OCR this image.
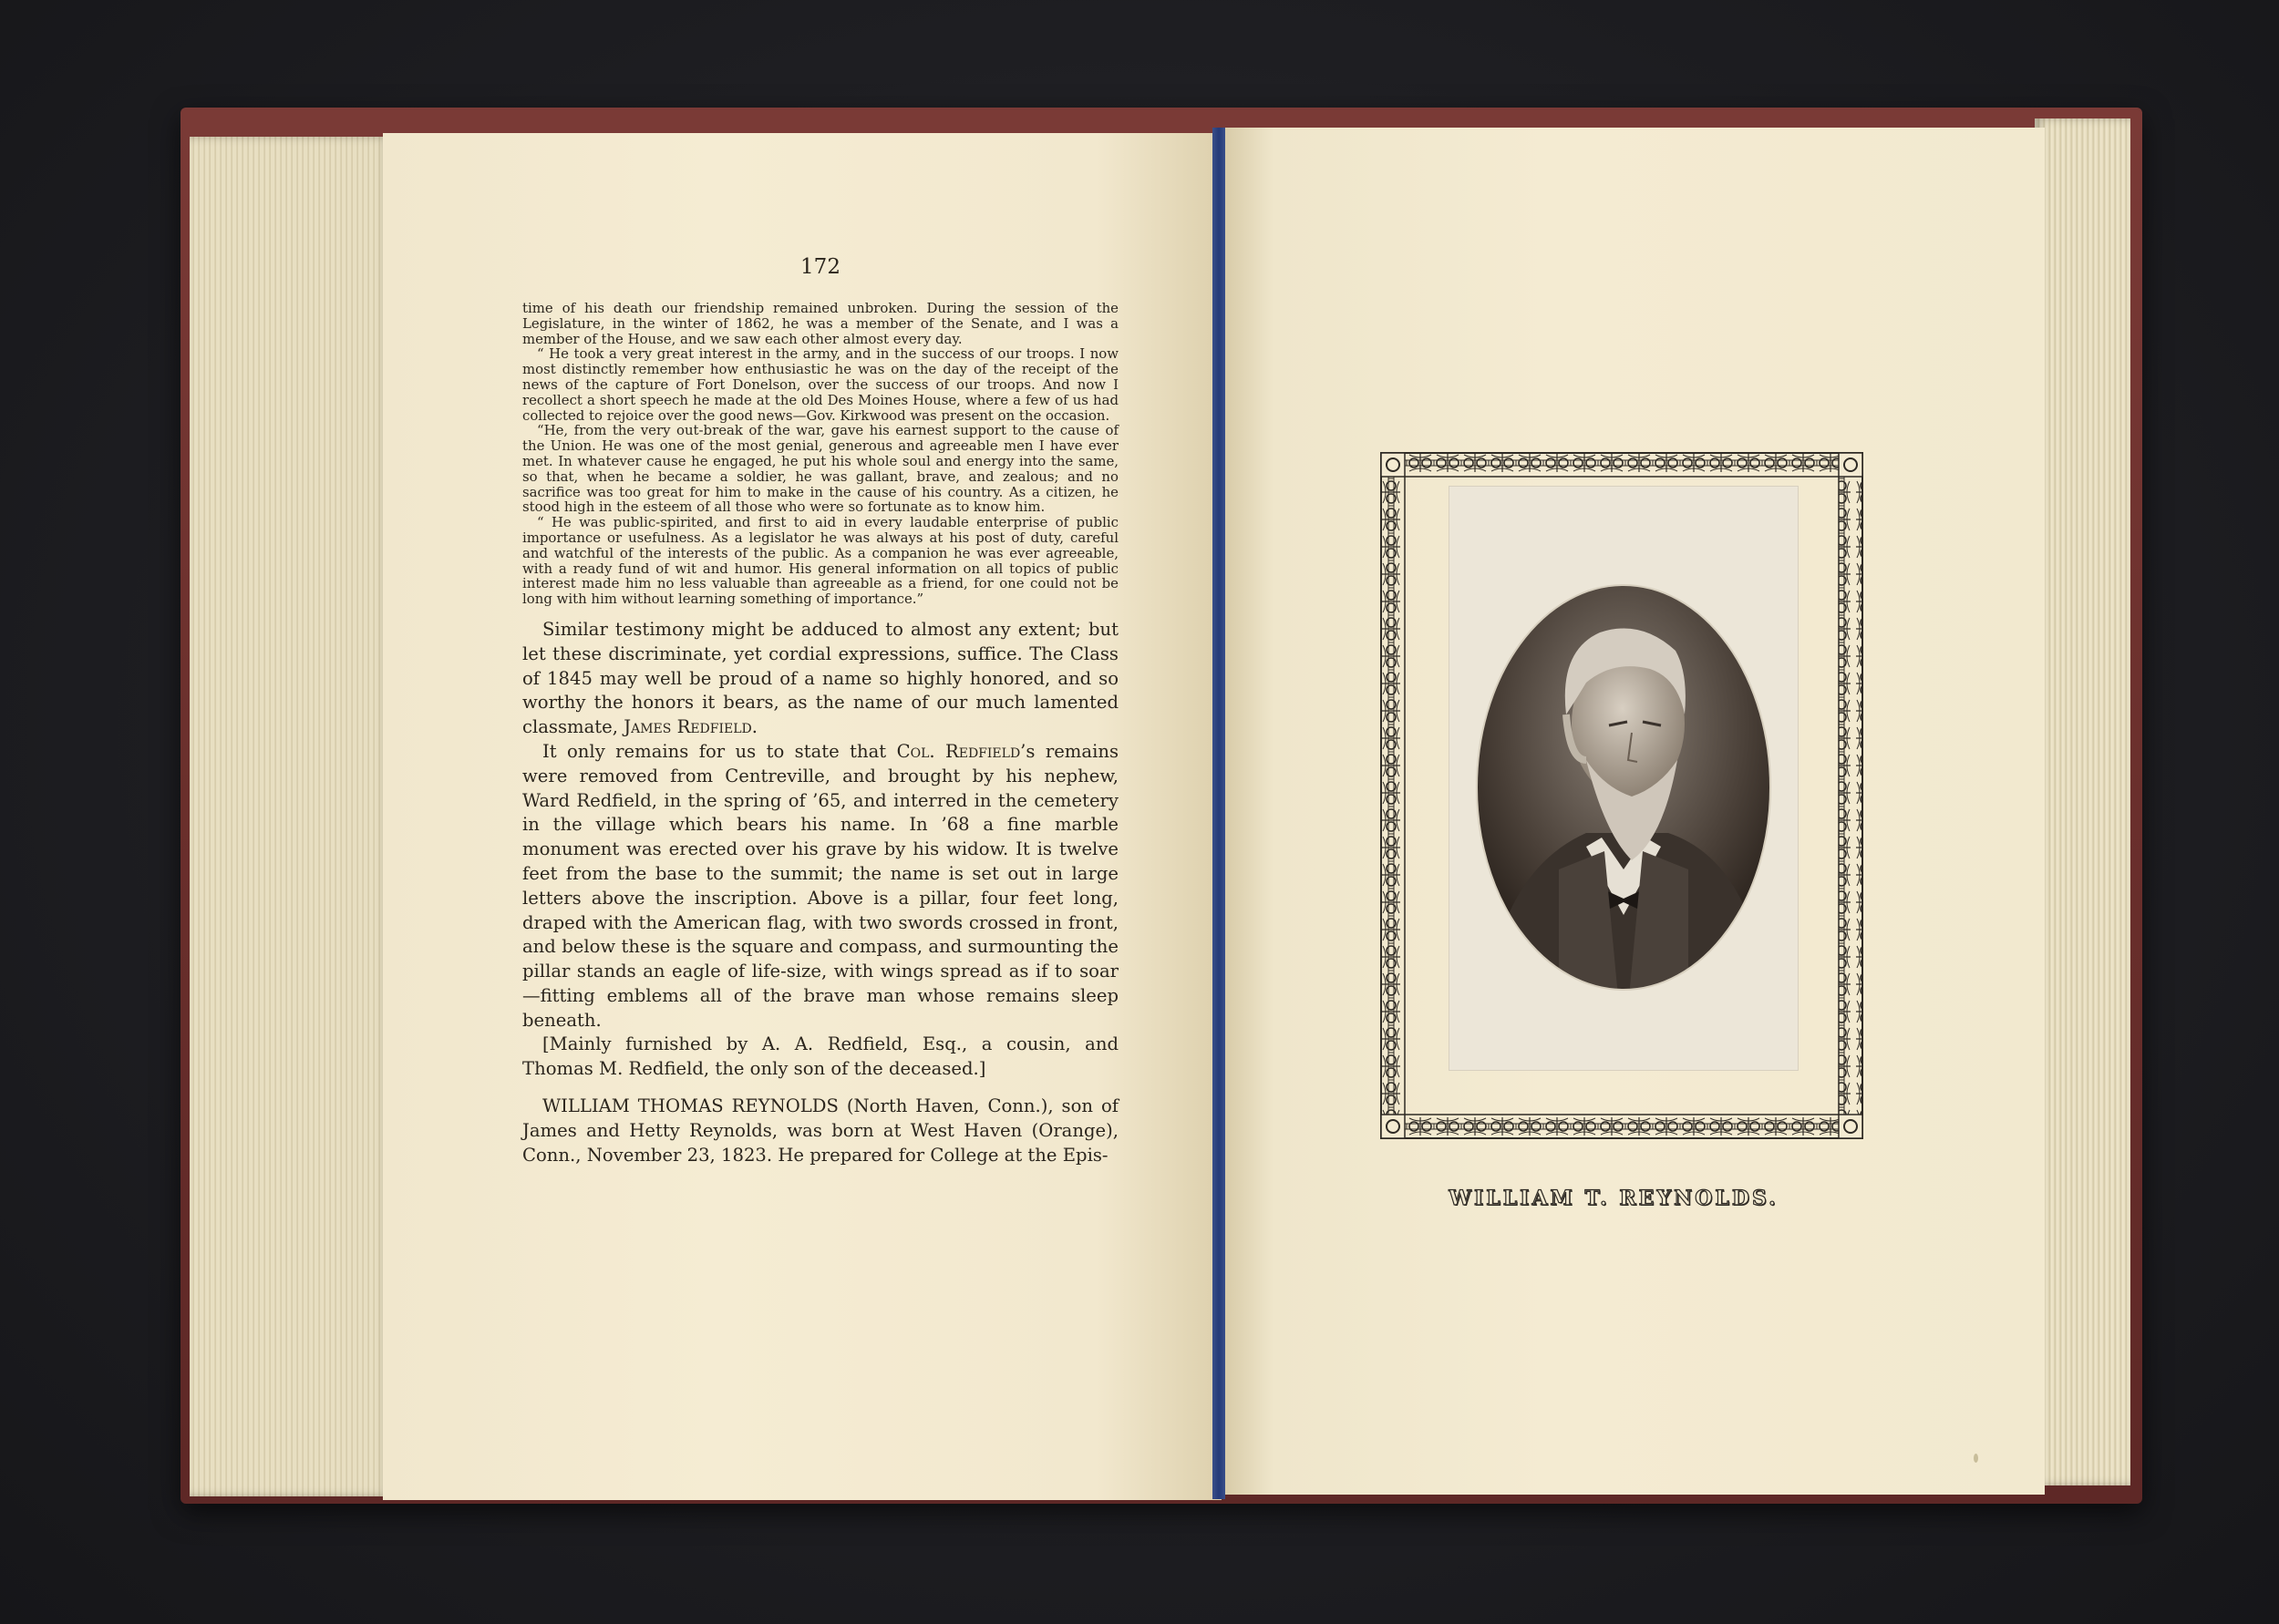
172

time of his death our friendship remained unbroken. During the session of the Legislature, in the winter of 1862, he was a member of the Senate, and I was a member of the House, and we saw each other almost every day.

“ He took a very great interest in the army, and in the success of our troops. I now most distinctly remember how enthusiastic he was on the day of the receipt of the news of the capture of Fort Donelson, over the success of our troops. And now I recollect a short speech he made at the old Des Moines House, where a few of us had collected to rejoice over the good news—Gov. Kirkwood was present on the occasion.

“He, from the very out-break of the war, gave his earnest support to the cause of the Union. He was one of the most genial, generous and agreeable men I have ever met. In whatever cause he engaged, he put his whole soul and energy into the same, so that, when he became a soldier, he was gallant, brave, and zealous; and no sacrifice was too great for him to make in the cause of his country. As a citizen, he stood high in the esteem of all those who were so fortunate as to know him.

“ He was public-spirited, and first to aid in every laudable enterprise of public importance or usefulness. As a legislator he was always at his post of duty, careful and watchful of the interests of the public. As a companion he was ever agreeable, with a ready fund of wit and humor. His general information on all topics of public interest made him no less valuable than agreeable as a friend, for one could not be long with him without learning something of importance.”

Similar testimony might be adduced to almost any extent; but let these discriminate, yet cordial expressions, suffice. The Class of 1845 may well be proud of a name so highly honored, and so worthy the honors it bears, as the name of our much lamented classmate, James Redfield.

It only remains for us to state that Col. Redfield’s remains were removed from Centreville, and brought by his nephew, Ward Redfield, in the spring of ’65, and interred in the cemetery in the village which bears his name. In ’68 a fine marble monument was erected over his grave by his widow. It is twelve feet from the base to the summit; the name is set out in large letters above the inscription. Above is a pillar, four feet long, draped with the American flag, with two swords crossed in front, and below these is the square and compass, and surmounting the pillar stands an eagle of life-size, with wings spread as if to soar—fitting emblems all of the brave man whose remains sleep beneath.

[Mainly furnished by A. A. Redfield, Esq., a cousin, and Thomas M. Redfield, the only son of the deceased.]

WILLIAM THOMAS REYNOLDS (North Haven, Conn.), son of James and Hetty Reynolds, was born at West Haven (Orange), Conn., November 23, 1823. He prepared for College at the Epis-

WILLIAM T. REYNOLDS.
